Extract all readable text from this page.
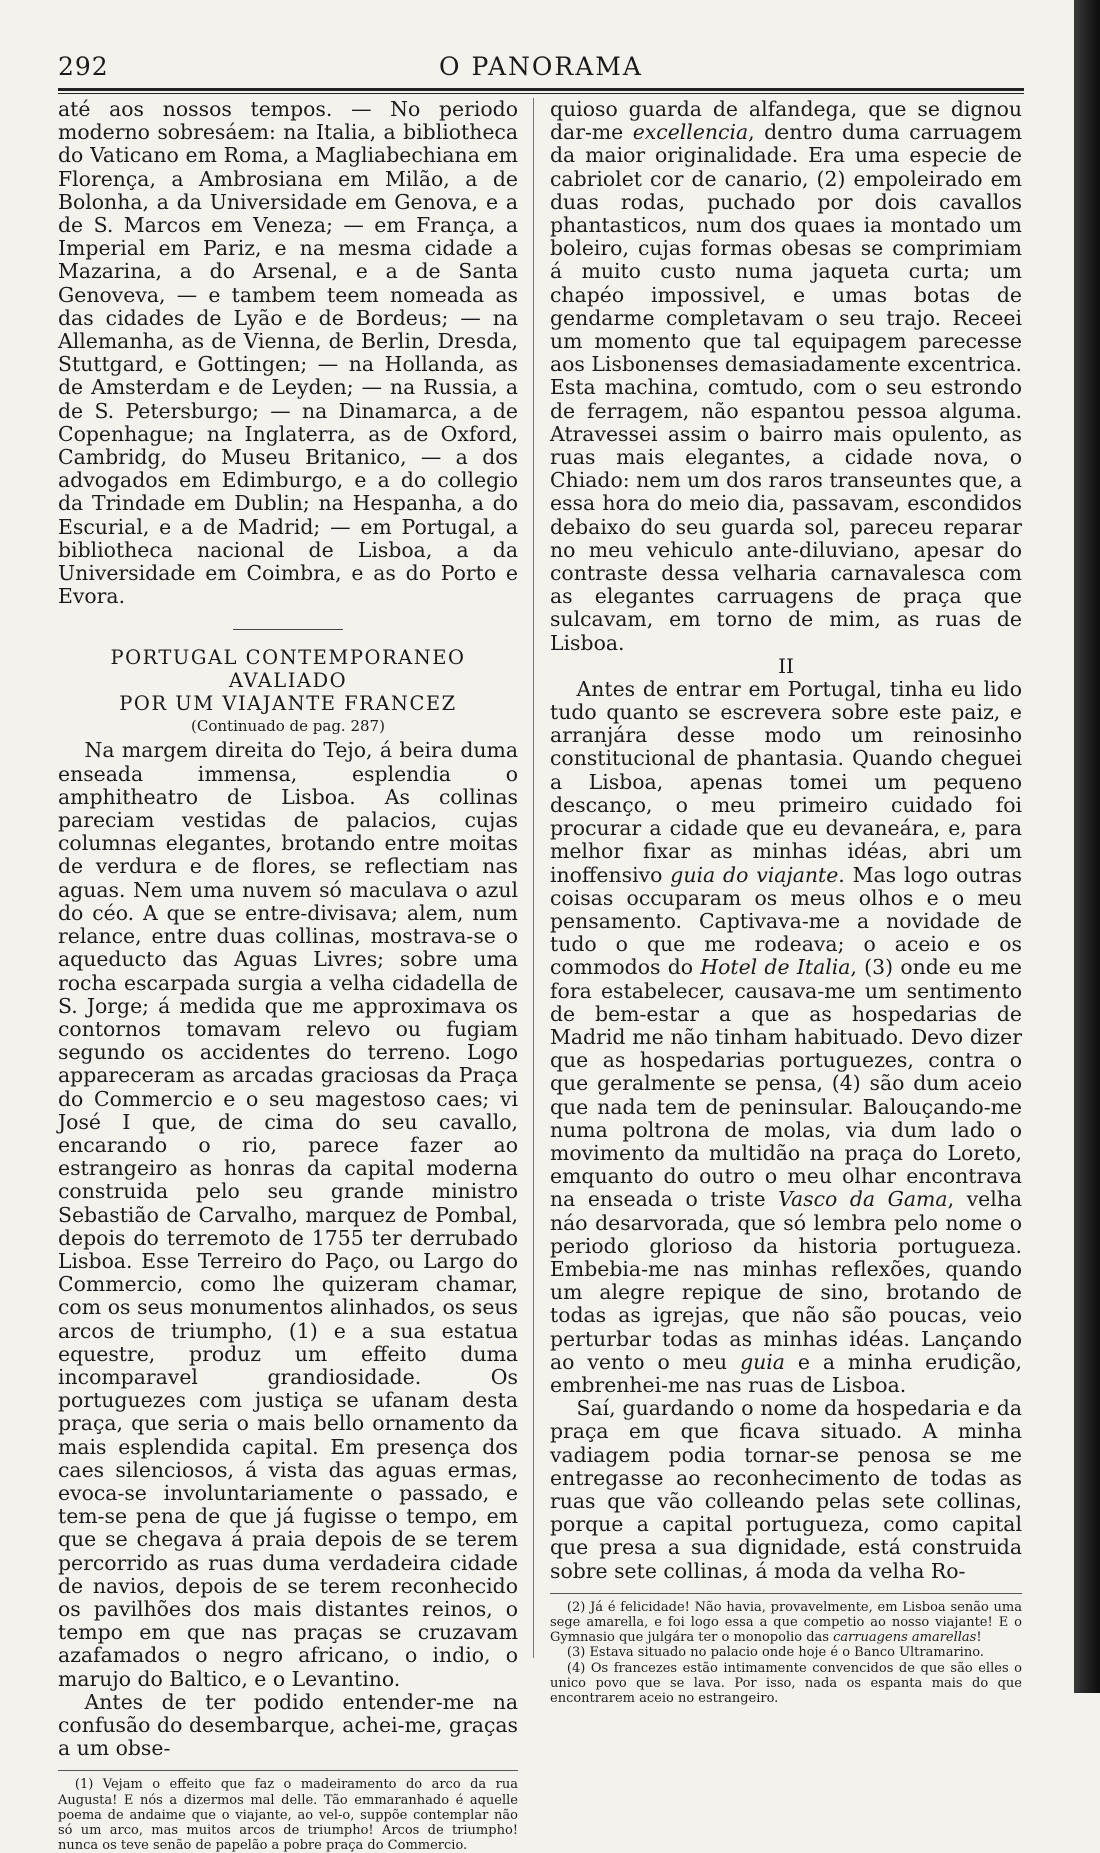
292	O PANORAMA

até aos nossos tempos. — No periodo moderno sobresáem: na Italia, a bibliotheca do Vaticano em Roma, a Magliabechiana em Florença, a Ambrosiana em Milão, a de Bolonha, a da Universidade em Genova, e a de S. Marcos em Veneza; — em França, a Imperial em Pariz, e na mesma cidade a Mazarina, a do Arsenal, e a de Santa Genoveva, — e tambem teem nomeada as das cidades de Lyão e de Bordeus; — na Allemanha, as de Vienna, de Berlin, Dresda, Stuttgard, e Gottingen; — na Hollanda, as de Amsterdam e de Leyden; — na Russia, a de S. Petersburgo; — na Dinamarca, a de Copenhague; na Inglaterra, as de Oxford, Cambridg, do Museu Britanico, — a dos advogados em Edimburgo, e a do collegio da Trindade em Dublin; na Hespanha, a do Escurial, e a de Madrid; — em Portugal, a bibliotheca nacional de Lisboa, a da Universidade em Coimbra, e as do Porto e Evora.

PORTUGAL CONTEMPORANEO AVALIADO
POR UM VIAJANTE FRANCEZ
(Continuado de pag. 287)

Na margem direita do Tejo, á beira duma enseada immensa, esplendia o amphitheatro de Lisboa. As collinas pareciam vestidas de palacios, cujas columnas elegantes, brotando entre moitas de verdura e de flores, se reflectiam nas aguas. Nem uma nuvem só maculava o azul do céo. A que se entre-divisava; alem, num relance, entre duas collinas, mostrava-se o aqueducto das Aguas Livres; sobre uma rocha escarpada surgia a velha cidadella de S. Jorge; á medida que me approximava os contornos tomavam relevo ou fugiam segundo os accidentes do terreno. Logo appareceram as arcadas graciosas da Praça do Commercio e o seu magestoso caes; vi José I que, de cima do seu cavallo, encarando o rio, parece fazer ao estrangeiro as honras da capital moderna construida pelo seu grande ministro Sebastião de Carvalho, marquez de Pombal, depois do terremoto de 1755 ter derrubado Lisboa. Esse Terreiro do Paço, ou Largo do Commercio, como lhe quizeram chamar, com os seus monumentos alinhados, os seus arcos de triumpho, (1) e a sua estatua equestre, produz um effeito duma incomparavel grandiosidade. Os portuguezes com justiça se ufanam desta praça, que seria o mais bello ornamento da mais esplendida capital. Em presença dos caes silenciosos, á vista das aguas ermas, evoca-se involuntariamente o passado, e tem-se pena de que já fugisse o tempo, em que se chegava á praia depois de se terem percorrido as ruas duma verdadeira cidade de navios, depois de se terem reconhecido os pavilhões dos mais distantes reinos, o tempo em que nas praças se cruzavam azafamados o negro africano, o indio, o marujo do Baltico, e o Levantino.

Antes de ter podido entender-me na confusão do desembarque, achei-me, graças a um obse-

(1) Vejam o effeito que faz o madeiramento do arco da rua Augusta! E nós a dizermos mal delle. Tão emmaranhado é aquelle poema de andaime que o viajante, ao vel-o, suppõe contemplar não só um arco, mas muitos arcos de triumpho! Arcos de triumpho! nunca os teve senão de papelão a pobre praça do Commercio.

quioso guarda de alfandega, que se dignou dar-me excellencia, dentro duma carruagem da maior originalidade. Era uma especie de cabriolet cor de canario, (2) empoleirado em duas rodas, puchado por dois cavallos phantasticos, num dos quaes ia montado um boleiro, cujas formas obesas se comprimiam á muito custo numa jaqueta curta; um chapéo impossivel, e umas botas de gendarme completavam o seu trajo. Receei um momento que tal equipagem parecesse aos Lisbonenses demasiadamente excentrica. Esta machina, comtudo, com o seu estrondo de ferragem, não espantou pessoa alguma. Atravessei assim o bairro mais opulento, as ruas mais elegantes, a cidade nova, o Chiado: nem um dos raros transeuntes que, a essa hora do meio dia, passavam, escondidos debaixo do seu guarda sol, pareceu reparar no meu vehiculo ante-diluviano, apesar do contraste dessa velharia carnavalesca com as elegantes carruagens de praça que sulcavam, em torno de mim, as ruas de Lisboa.

II

Antes de entrar em Portugal, tinha eu lido tudo quanto se escrevera sobre este paiz, e arranjára desse modo um reinosinho constitucional de phantasia. Quando cheguei a Lisboa, apenas tomei um pequeno descanço, o meu primeiro cuidado foi procurar a cidade que eu devaneára, e, para melhor fixar as minhas idéas, abri um inoffensivo guia do viajante. Mas logo outras coisas occuparam os meus olhos e o meu pensamento. Captivava-me a novidade de tudo o que me rodeava; o aceio e os commodos do Hotel de Italia, (3) onde eu me fora estabelecer, causava-me um sentimento de bem-estar a que as hospedarias de Madrid me não tinham habituado. Devo dizer que as hospedarias portuguezes, contra o que geralmente se pensa, (4) são dum aceio que nada tem de peninsular. Balouçando-me numa poltrona de molas, via dum lado o movimento da multidão na praça do Loreto, emquanto do outro o meu olhar encontrava na enseada o triste Vasco da Gama, velha náo desarvorada, que só lembra pelo nome o periodo glorioso da historia portugueza. Embebia-me nas minhas reflexões, quando um alegre repique de sino, brotando de todas as igrejas, que não são poucas, veio perturbar todas as minhas idéas. Lançando ao vento o meu guia e a minha erudição, embrenhei-me nas ruas de Lisboa.

Saí, guardando o nome da hospedaria e da praça em que ficava situado. A minha vadiagem podia tornar-se penosa se me entregasse ao reconhecimento de todas as ruas que vão colleando pelas sete collinas, porque a capital portugueza, como capital que presa a sua dignidade, está construida sobre sete collinas, á moda da velha Ro-

(2) Já é felicidade! Não havia, provavelmente, em Lisboa senão uma sege amarella, e foi logo essa a que competio ao nosso viajante! E o Gymnasio que julgára ter o monopolio das carruagens amarellas!

(3) Estava situado no palacio onde hoje é o Banco Ultramarino.

(4) Os francezes estão intimamente convencidos de que são elles o unico povo que se lava. Por isso, nada os espanta mais do que encontrarem aceio no estrangeiro.
